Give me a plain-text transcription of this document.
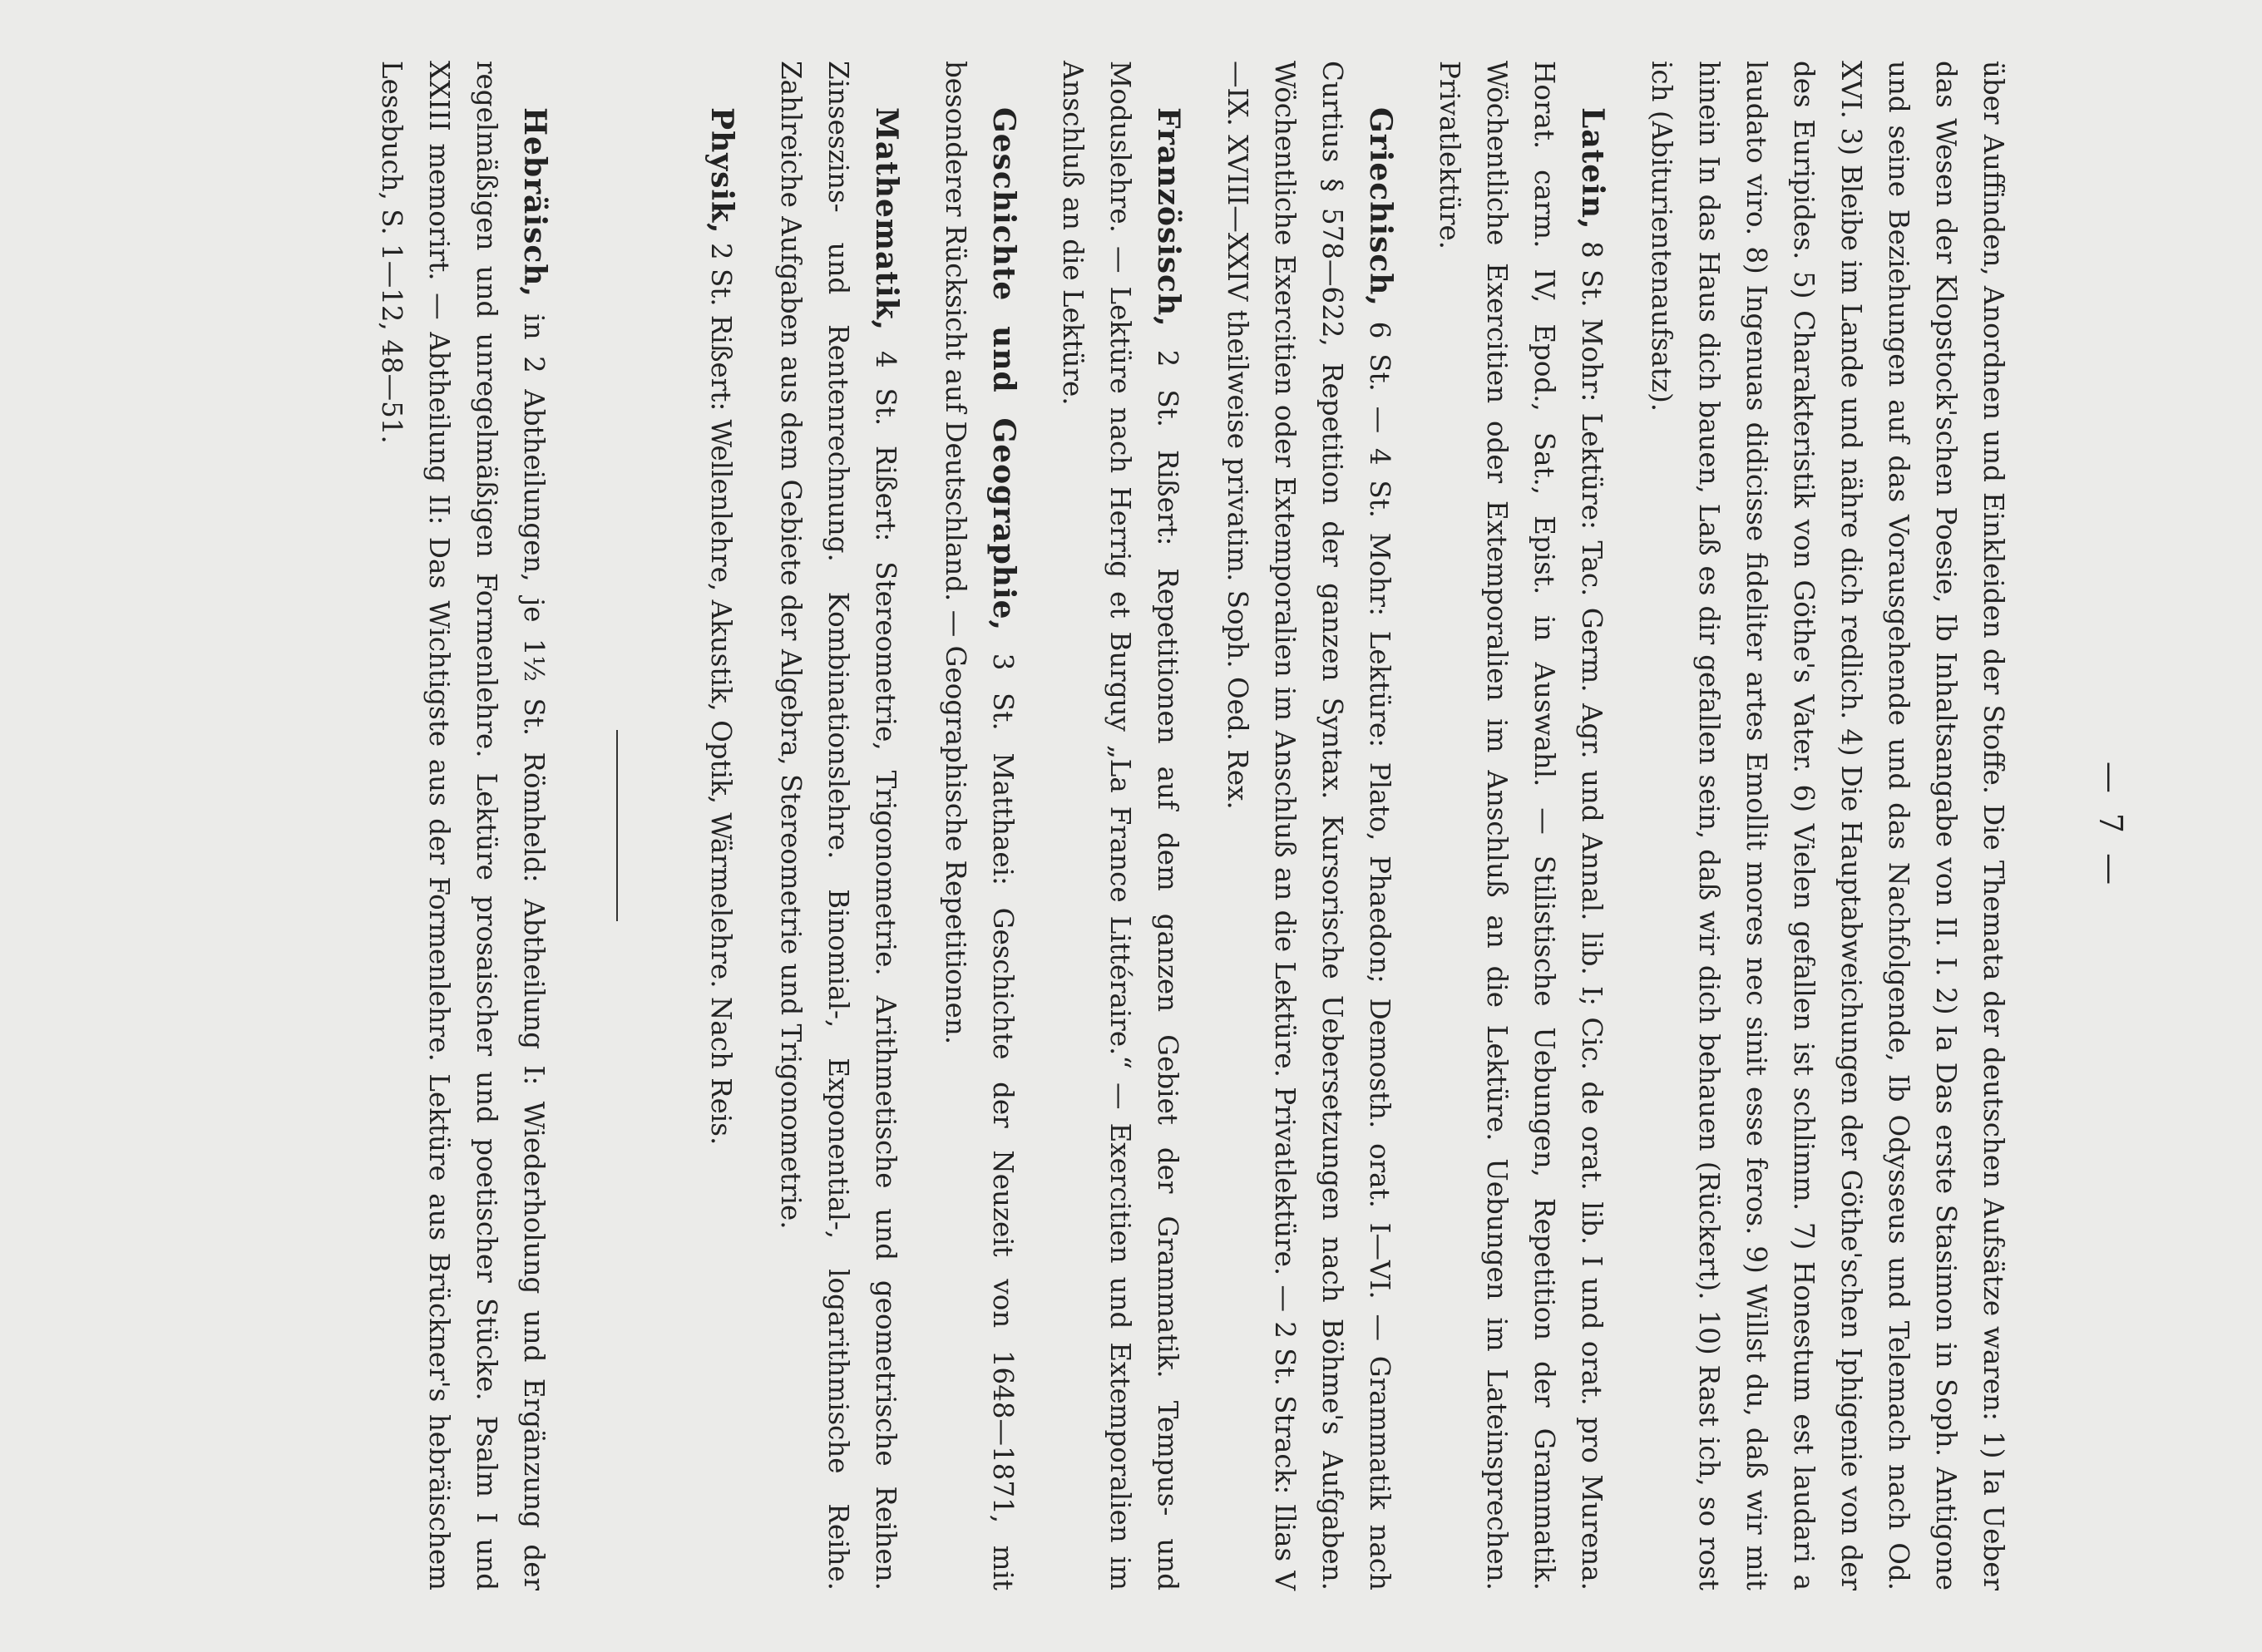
— 7 —

über Auffinden, Anordnen und Einkleiden der Stoffe. Die Themata der deutschen Aufsätze waren: 1) Ia Ueber das Wesen der Klopstock'schen Poesie, Ib Inhaltsangabe von II. I. 2) Ia Das erste Stasimon in Soph. Antigone und seine Beziehungen auf das Vorausgehende und das Nachfolgende, Ib Odysseus und Telemach nach Od. XVI. 3) Bleibe im Lande und nähre dich redlich. 4) Die Hauptabweichungen der Göthe'schen Iphigenie von der des Euripides. 5) Charakteristik von Göthe's Vater. 6) Vielen gefallen ist schlimm. 7) Honestum est laudari a laudato viro. 8) Ingenuas didicisse fideliter artes Emollit mores nec sinit esse feros. 9) Willst du, daß wir mit hinein In das Haus dich bauen, Laß es dir gefallen sein, daß wir dich behauen (Rückert). 10) Rast ich, so rost ich (Abiturientenaufsatz).

Latein, 8 St. Mohr: Lektüre: Tac. Germ. Agr. und Annal. lib. I; Cic. de orat. lib. I und orat. pro Murena. Horat. carm. IV, Epod., Sat., Epist. in Auswahl. — Stilistische Uebungen, Repetition der Grammatik. Wöchentliche Exercitien oder Extemporalien im Anschluß an die Lektüre. Uebungen im Lateinsprechen. Privatlektüre.

Griechisch, 6 St. — 4 St. Mohr: Lektüre: Plato, Phaedon; Demosth. orat. I—VI. — Grammatik nach Curtius § 578—622, Repetition der ganzen Syntax. Kursorische Uebersetzungen nach Böhme's Aufgaben. Wöchentliche Exercitien oder Extemporalien im Anschluß an die Lektüre. Privatlektüre. — 2 St. Strack: Ilias V—IX. XVIII—XXIV theilweise privatim. Soph. Oed. Rex.

Französisch, 2 St. Rißert: Repetitionen auf dem ganzen Gebiet der Grammatik. Tempus- und Moduslehre. — Lektüre nach Herrig et Burguy „La France Littéraire.“ — Exercitien und Extemporalien im Anschluß an die Lektüre.

Geschichte und Geographie, 3 St. Matthaei: Geschichte der Neuzeit von 1648—1871, mit besonderer Rücksicht auf Deutschland. — Geographische Repetitionen.

Mathematik, 4 St. Rißert: Stereometrie, Trigonometrie. Arithmetische und geometrische Reihen. Zinseszins- und Rentenrechnung. Kombinationslehre. Binomial-, Exponential-, logarithmische Reihe. Zahlreiche Aufgaben aus dem Gebiete der Algebra, Stereometrie und Trigonometrie.

Physik, 2 St. Rißert: Wellenlehre, Akustik, Optik, Wärmelehre. Nach Reis.

Hebräisch, in 2 Abtheilungen, je 1½ St. Römheld: Abtheilung I: Wiederholung und Ergänzung der regelmäßigen und unregelmäßigen Formenlehre. Lektüre prosaischer und poetischer Stücke. Psalm I und XXIII memorirt. — Abtheilung II: Das Wichtigste aus der Formenlehre. Lektüre aus Brückner's hebräischem Lesebuch, S. 1—12, 48—51.
